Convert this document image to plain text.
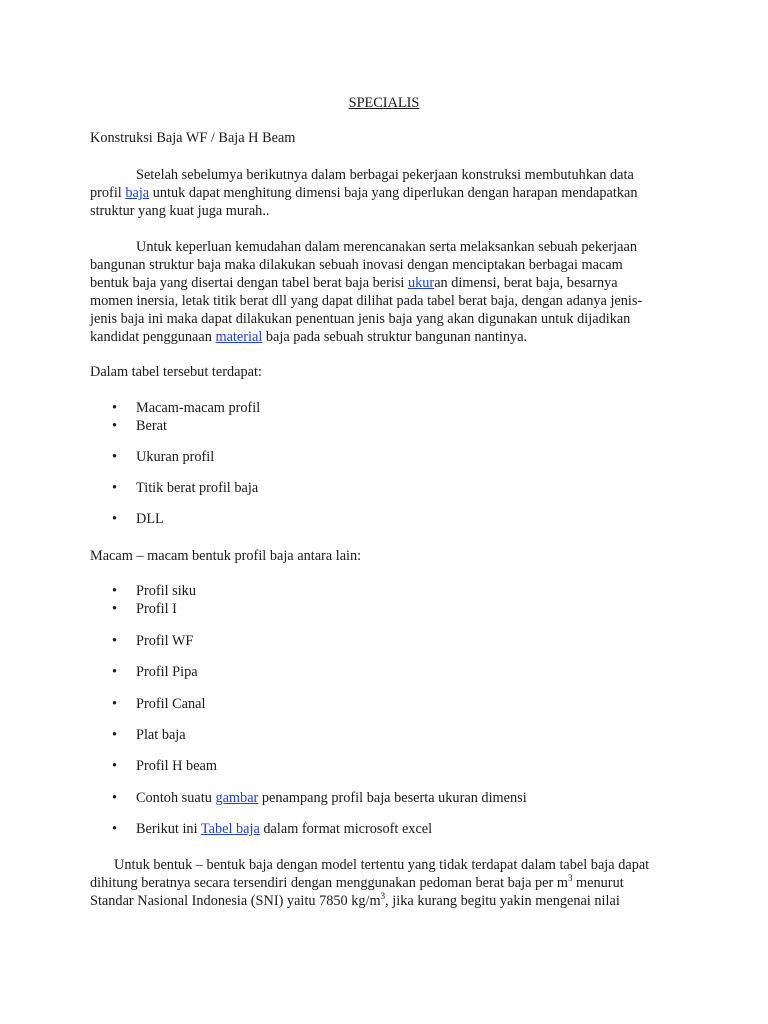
SPECIALIS
Konstruksi Baja WF / Baja H Beam
Setelah sebelumya berikutnya dalam berbagai pekerjaan konstruksi membutuhkan data
profil baja untuk dapat menghitung dimensi baja yang diperlukan dengan harapan mendapatkan
struktur yang kuat juga murah..
Untuk keperluan kemudahan dalam merencanakan serta melaksankan sebuah pekerjaan
bangunan struktur baja maka dilakukan sebuah inovasi dengan menciptakan berbagai macam
bentuk baja yang disertai dengan tabel berat baja berisi ukuran dimensi, berat baja, besarnya
momen inersia, letak titik berat dll yang dapat dilihat pada tabel berat baja, dengan adanya jenis-
jenis baja ini maka dapat dilakukan penentuan jenis baja yang akan digunakan untuk dijadikan
kandidat penggunaan material baja pada sebuah struktur bangunan nantinya.
Dalam tabel tersebut terdapat:
• Macam-macam profil
• Berat
• Ukuran profil
• Titik berat profil baja
• DLL
Macam – macam bentuk profil baja antara lain:
• Profil siku
• Profil I
• Profil WF
• Profil Pipa
• Profil Canal
• Plat baja
• Profil H beam
• Contoh suatu gambar penampang profil baja beserta ukuran dimensi
• Berikut ini Tabel baja dalam format microsoft excel
Untuk bentuk – bentuk baja dengan model tertentu yang tidak terdapat dalam tabel baja dapat
dihitung beratnya secara tersendiri dengan menggunakan pedoman berat baja per $m^3$ menurut
Standar Nasional Indonesia (SNI) yaitu 7850 $kg/m^3$, jika kurang begitu yakin mengenai nilai
